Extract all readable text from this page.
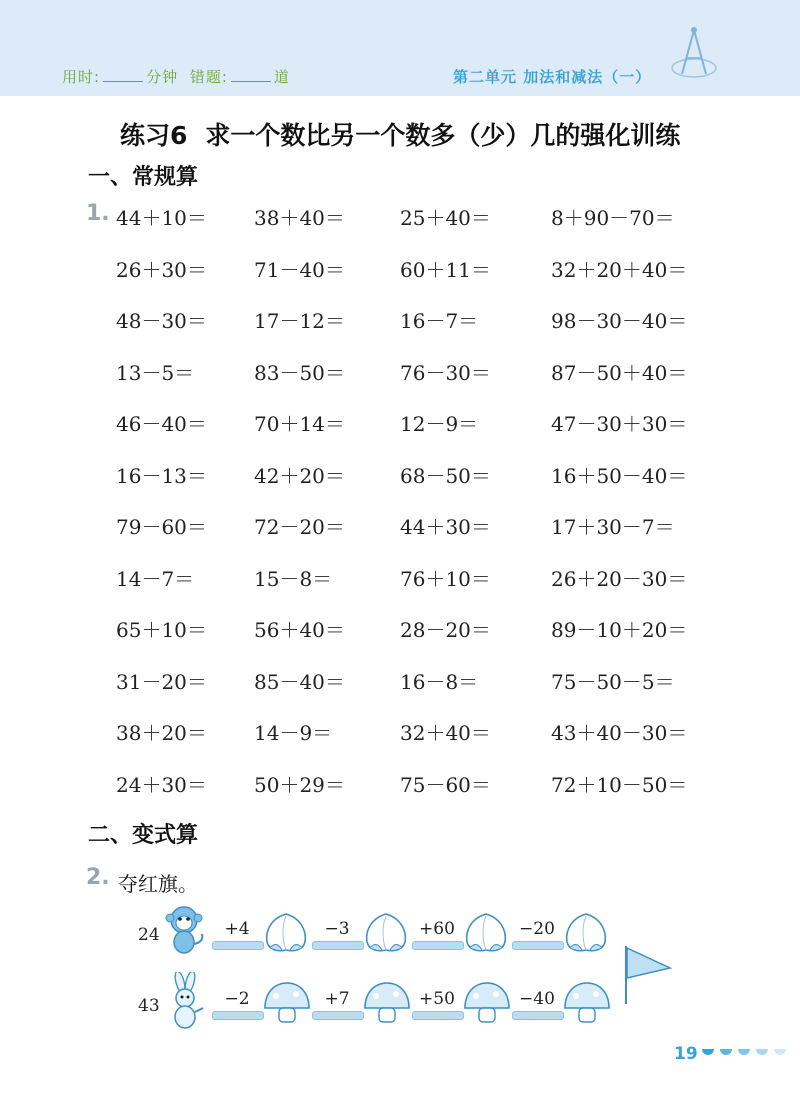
用时:	分钟 错题:	道	第二单元 加法和减法（一）
练习6 求一个数比另一个数多（少）几的强化训练
一、常规算
1. 44＋10＝ 38＋40＝	25＋40＝	8＋90－70＝
26＋30＝ 71－40＝	60＋11＝	32＋20＋40＝
48－30＝ 17－12＝	16－7＝	98－30－40＝
13－5＝	83－50＝	76－30＝	87－50＋40＝
46－40＝ 70＋14＝	12－9＝	47－30＋30＝
16－13＝ 42＋20＝	68－50＝	16＋50－40＝
79－60＝ 72－20＝	44＋30＝	17＋30－7＝
14－7＝	15－8＝	76＋10＝	26＋20－30＝
65＋10＝ 56＋40＝	28－20＝	89－10＋20＝
31－20＝ 85－40＝	16－8＝	75－50－5＝
38＋20＝ 14－9＝	32＋40＝	43＋40－30＝
24＋30＝ 50＋29＝	75－60＝	72＋10－50＝
二、变式算
2. 夺红旗。
24
43
+4	−3	+60	−20
−2	+7	+50	−40
19
